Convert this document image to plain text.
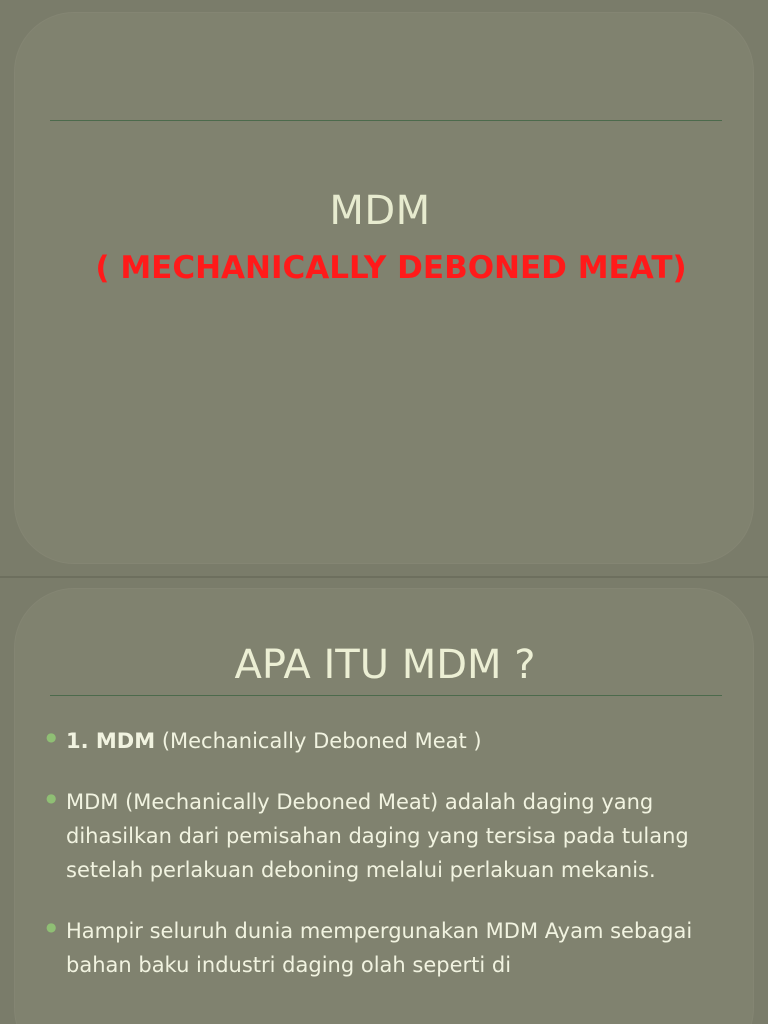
MDM
( MECHANICALLY DEBONED MEAT)
APA ITU MDM ?
● 1. MDM (Mechanically Deboned Meat )
● MDM (Mechanically Deboned Meat) adalah daging yang dihasilkan dari pemisahan daging yang tersisa pada tulang setelah perlakuan deboning melalui perlakuan mekanis.
● Hampir seluruh dunia mempergunakan MDM Ayam sebagai bahan baku industri daging olah seperti di
